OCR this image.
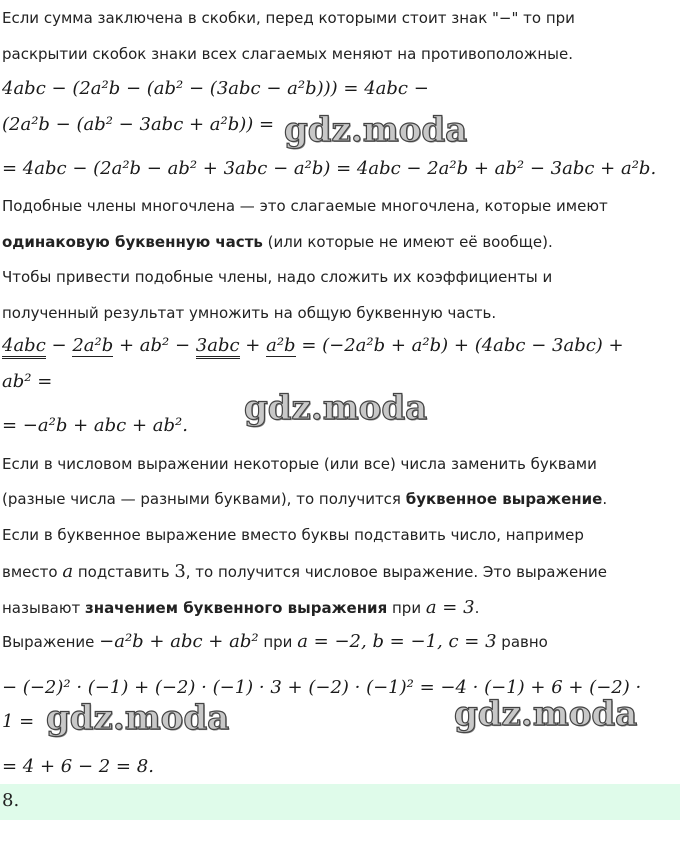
Если сумма заключена в скобки, перед которыми стоит знак "−" то при
раскрытии скобок знаки всех слагаемых меняют на противоположные.
4abc − (2a²b − (ab² − (3abc − a²b))) = 4abc −
(2a²b − (ab² − 3abc + a²b)) = gdz.moda
= 4abc − (2a²b − ab² + 3abc − a²b) = 4abc − 2a²b + ab² − 3abc + a²b.
Подобные члены многочлена — это слагаемые многочлена, которые имеют
одинаковую буквенную часть (или которые не имеют её вообще).
Чтобы привести подобные члены, надо сложить их коэффициенты и
полученный результат умножить на общую буквенную часть.
4abc − 2a²b + ab² − 3abc + a²b = (−2a²b + a²b) + (4abc − 3abc) +
ab² =
= −a²b + abc + ab². gdz.moda
Если в числовом выражении некоторые (или все) числа заменить буквами
(разные числа — разными буквами), то получится буквенное выражение.
Если в буквенное выражение вместо буквы подставить число, например
вместо a подставить 3, то получится числовое выражение. Это выражение
называют значением буквенного выражения при a = 3.
Выражение −a²b + abc + ab² при a = −2, b = −1, c = 3 равно
− (−2)² · (−1) + (−2) · (−1) · 3 + (−2) · (−1)² = −4 · (−1) + 6 + (−2) ·
1 = gdz.moda	gdz.moda
= 4 + 6 − 2 = 8.
8.
